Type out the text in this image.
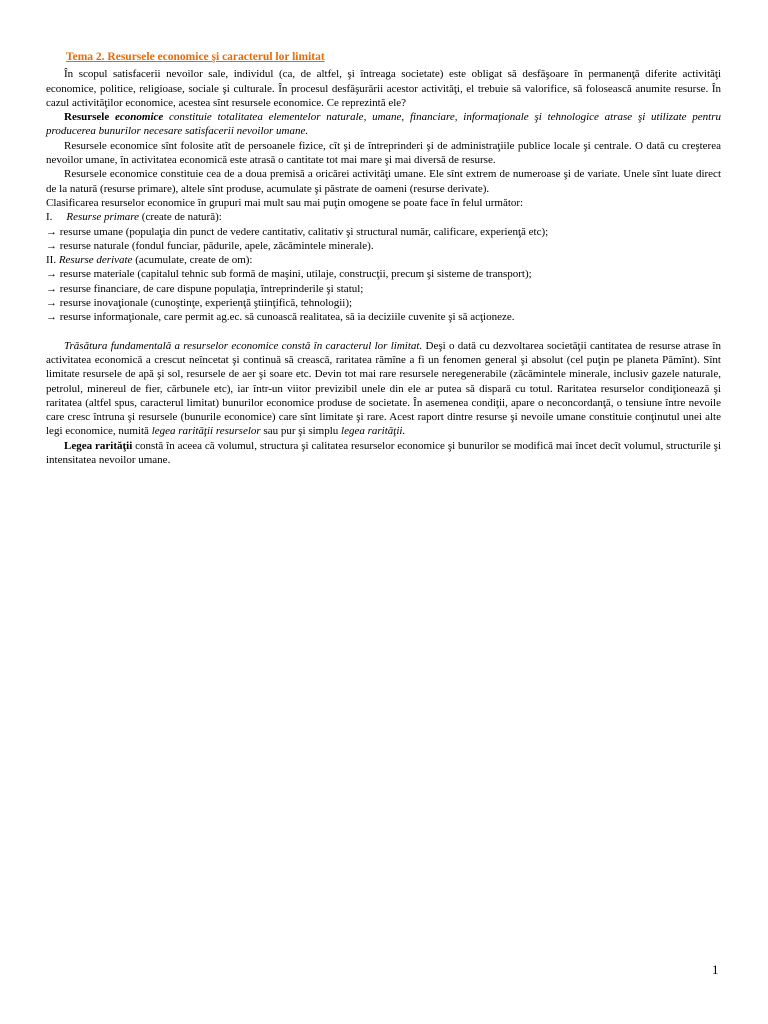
Tema 2. Resursele economice şi caracterul lor limitat

În scopul satisfacerii nevoilor sale, individul (ca, de altfel, şi întreaga societate) este obligat să desfăşoare în permanenţă diferite activităţi economice, politice, religioase, sociale şi culturale. În procesul desfăşurării acestor activităţi, el trebuie să valorifice, să folosească anumite resurse. În cazul activităţilor economice, acestea sînt resursele economice. Ce reprezintă ele?

Resursele economice constituie totalitatea elementelor naturale, umane, financiare, informaţionale şi tehnologice atrase şi utilizate pentru producerea bunurilor necesare satisfacerii nevoilor umane.

Resursele economice sînt folosite atît de persoanele fizice, cît şi de întreprinderi şi de administraţiile publice locale şi centrale. O dată cu creşterea nevoilor umane, în activitatea economică este atrasă o cantitate tot mai mare şi mai diversă de resurse.

Resursele economice constituie cea de a doua premisă a oricărei activităţi umane. Ele sînt extrem de numeroase şi de variate. Unele sînt luate direct de la natură (resurse primare), altele sînt produse, acumulate şi păstrate de oameni (resurse derivate).

Clasificarea resurselor economice în grupuri mai mult sau mai puţin omogene se poate face în felul următor:
I. Resurse primare (create de natură):
→ resurse umane (populaţia din punct de vedere cantitativ, calitativ şi structural număr, calificare, experienţă etc);
→ resurse naturale (fondul funciar, pădurile, apele, zăcămintele minerale).
II. Resurse derivate (acumulate, create de om):
→ resurse materiale (capitalul tehnic sub formă de maşini, utilaje, construcţii, precum şi sisteme de transport);
→ resurse financiare, de care dispune populaţia, întreprinderile şi statul;
→ resurse inovaţionale (cunoştinţe, experienţă ştiinţifică, tehnologii);
→ resurse informaţionale, care permit ag.ec. să cunoască realitatea, să ia deciziile cuvenite şi să acţioneze.

Trăsătura fundamentală a resurselor economice constă în caracterul lor limitat. Deşi o dată cu dezvoltarea societăţii cantitatea de resurse atrase în activitatea economică a crescut neîncetat şi continuă să crească, raritatea rămîne a fi un fenomen general şi absolut (cel puţin pe planeta Pămînt). Sînt limitate resursele de apă şi sol, resursele de aer şi soare etc. Devin tot mai rare resursele neregenerabile (zăcămintele minerale, inclusiv gazele naturale, petrolul, minereul de fier, cărbunele etc), iar într-un viitor previzibil unele din ele ar putea să dispară cu totul. Raritatea resurselor condiţionează şi raritatea (altfel spus, caracterul limitat) bunurilor economice produse de societate. În asemenea condiţii, apare o neconcordanţă, o tensiune între nevoile care cresc întruna şi resursele (bunurile economice) care sînt limitate şi rare. Acest raport dintre resurse şi nevoile umane constituie conţinutul unei alte legi economice, numită legea rarităţii resurselor sau pur şi simplu legea rarităţii.

Legea rarităţii constă în aceea că volumul, structura şi calitatea resurselor economice şi bunurilor se modifică mai încet decît volumul, structurile şi intensitatea nevoilor umane.

1
